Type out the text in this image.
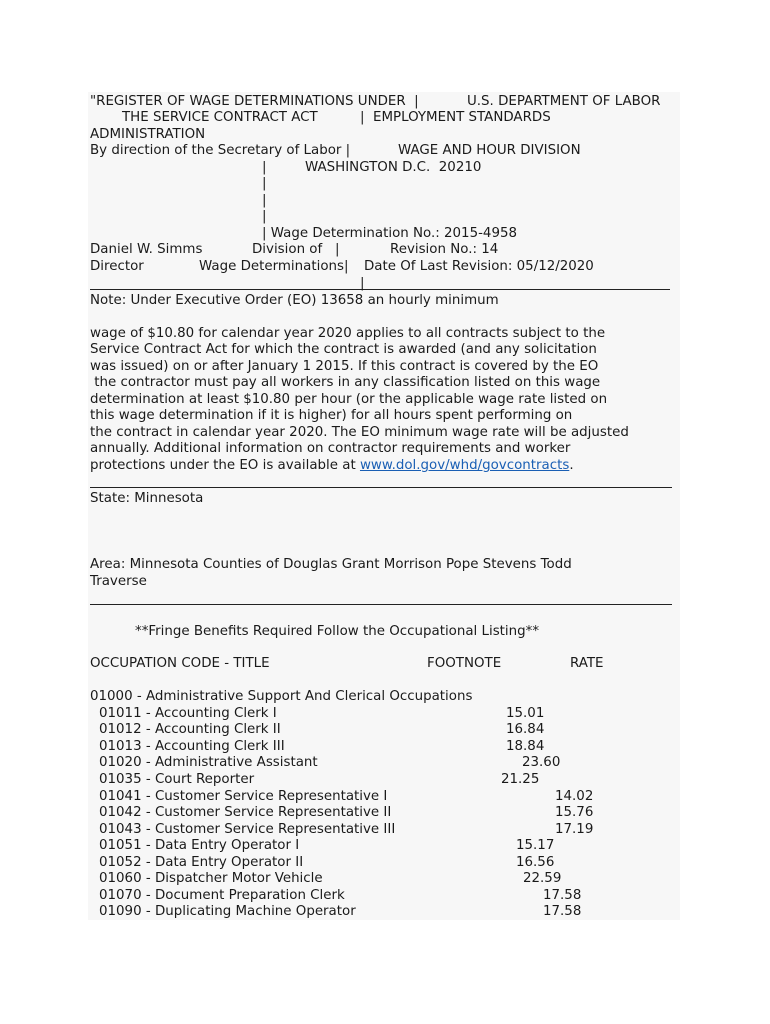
"REGISTER OF WAGE DETERMINATIONS UNDER  |	U.S. DEPARTMENT OF LABOR
THE SERVICE CONTRACT ACT	| EMPLOYMENT STANDARDS
ADMINISTRATION
By direction of the Secretary of Labor |	WAGE AND HOUR DIVISION
|	WASHINGTON D.C.  20210
|
|
|
| Wage Determination No.: 2015-4958
Daniel W. Simms	Division of   |	Revision No.: 14
Director	Wage Determinations| Date Of Last Revision: 05/12/2020
|
Note: Under Executive Order (EO) 13658 an hourly minimum
wage of $10.80 for calendar year 2020 applies to all contracts subject to the
Service Contract Act for which the contract is awarded (and any solicitation
was issued) on or after January 1 2015. If this contract is covered by the EO
the contractor must pay all workers in any classification listed on this wage
determination at least $10.80 per hour (or the applicable wage rate listed on
this wage determination if it is higher) for all hours spent performing on
the contract in calendar year 2020. The EO minimum wage rate will be adjusted
annually. Additional information on contractor requirements and worker
protections under the EO is available at www.dol.gov/whd/govcontracts.
State: Minnesota
Area: Minnesota Counties of Douglas Grant Morrison Pope Stevens Todd
Traverse
**Fringe Benefits Required Follow the Occupational Listing**
OCCUPATION CODE - TITLE	FOOTNOTE	RATE
01000 - Administrative Support And Clerical Occupations
01011 - Accounting Clerk I	15.01
01012 - Accounting Clerk II	16.84
01013 - Accounting Clerk III	18.84
01020 - Administrative Assistant	23.60
01035 - Court Reporter	21.25
01041 - Customer Service Representative I	14.02
01042 - Customer Service Representative II	15.76
01043 - Customer Service Representative III	17.19
01051 - Data Entry Operator I	15.17
01052 - Data Entry Operator II	16.56
01060 - Dispatcher Motor Vehicle	22.59
01070 - Document Preparation Clerk	17.58
01090 - Duplicating Machine Operator	17.58
